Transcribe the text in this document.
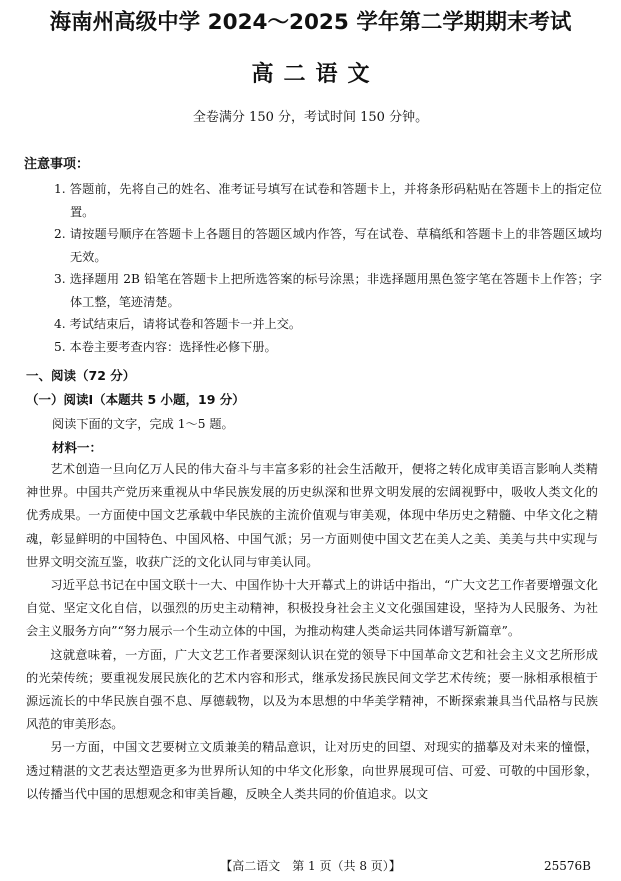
海南州高级中学 2024～2025 学年第二学期期末考试
高二语文
全卷满分 150 分，考试时间 150 分钟。
注意事项：
1. 答题前，先将自己的姓名、准考证号填写在试卷和答题卡上，并将条形码粘贴在答题卡上的指定位置。
2. 请按题号顺序在答题卡上各题目的答题区域内作答，写在试卷、草稿纸和答题卡上的非答题区域均无效。
3. 选择题用 2B 铅笔在答题卡上把所选答案的标号涂黑；非选择题用黑色签字笔在答题卡上作答；字体工整，笔迹清楚。
4. 考试结束后，请将试卷和答题卡一并上交。
5. 本卷主要考查内容：选择性必修下册。
一、阅读（72 分）
（一）阅读Ⅰ（本题共 5 小题，19 分）
阅读下面的文字，完成 1～5 题。
材料一：

艺术创造一旦向亿万人民的伟大奋斗与丰富多彩的社会生活敞开，便将之转化成审美语言影响人类精神世界。中国共产党历来重视从中华民族发展的历史纵深和世界文明发展的宏阔视野中，吸收人类文化的优秀成果。一方面使中国文艺承载中华民族的主流价值观与审美观，体现中华历史之精髓、中华文化之精魂，彰显鲜明的中国特色、中国风格、中国气派；另一方面则使中国文艺在美人之美、美美与共中实现与世界文明交流互鉴，收获广泛的文化认同与审美认同。

习近平总书记在中国文联十一大、中国作协十大开幕式上的讲话中指出，“广大文艺工作者要增强文化自觉、坚定文化自信，以强烈的历史主动精神，积极投身社会主义文化强国建设，坚持为人民服务、为社会主义服务方向”“努力展示一个生动立体的中国，为推动构建人类命运共同体谱写新篇章”。

这就意味着，一方面，广大文艺工作者要深刻认识在党的领导下中国革命文艺和社会主义文艺所形成的光荣传统；要重视发展民族化的艺术内容和形式，继承发扬民族民间文学艺术传统；要一脉相承根植于源远流长的中华民族自强不息、厚德载物，以及为本思想的中华美学精神，不断探索兼具当代品格与民族风范的审美形态。

另一方面，中国文艺要树立文质兼美的精品意识，让对历史的回望、对现实的描摹及对未来的憧憬，透过精湛的文艺表达塑造更多为世界所认知的中华文化形象，向世界展现可信、可爱、可敬的中国形象，以传播当代中国的思想观念和审美旨趣，反映全人类共同的价值追求。以文

【高二语文　第 1 页（共 8 页）】	25576B
